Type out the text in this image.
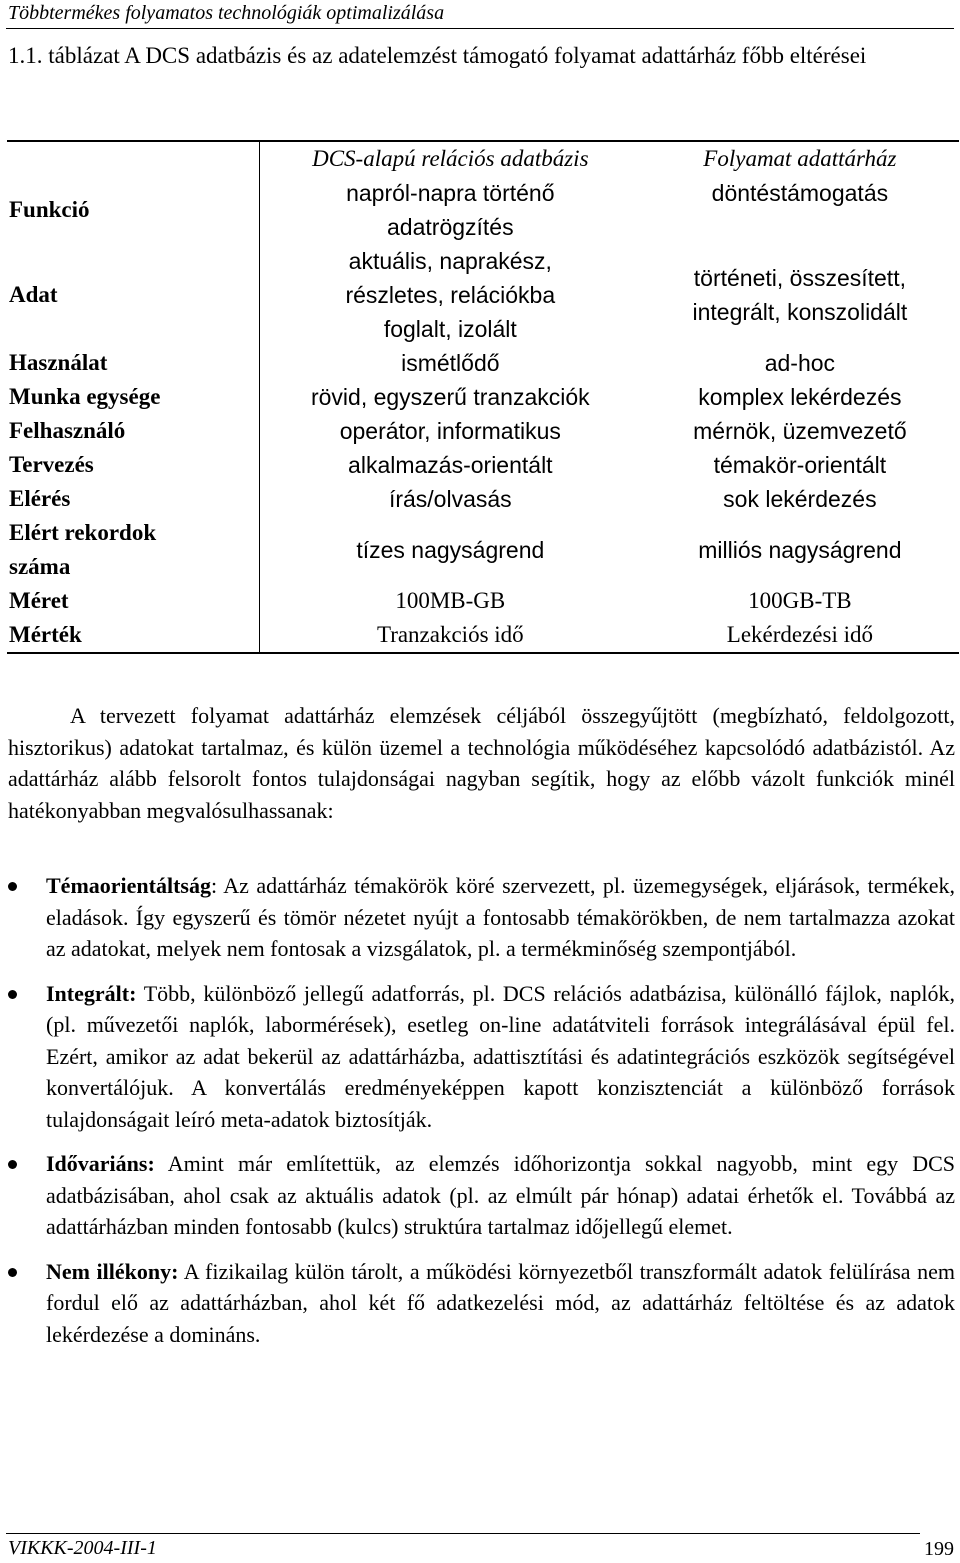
Többtermékes folyamatos technológiák optimalizálása
1.1. táblázat A DCS adatbázis és az adatelemzést támogató folyamat adattárház főbb eltérései
	DCS-alapú relációs adatbázis	Folyamat adattárház
Funkció	napról-napra történő adatrögzítés	döntéstámogatás
Adat	aktuális, naprakész, részletes, relációkba foglalt, izolált	történeti, összesített, integrált, konszolidált
Használat	ismétlődő	ad-hoc
Munka egysége	rövid, egyszerű tranzakciók	komplex lekérdezés
Felhasználó	operátor, informatikus	mérnök, üzemvezető
Tervezés	alkalmazás-orientált	témakör-orientált
Elérés	írás/olvasás	sok lekérdezés
Elért rekordok száma	tízes nagyságrend	milliós nagyságrend
Méret	100MB-GB	100GB-TB
Mérték	Tranzakciós idő	Lekérdezési idő

A tervezett folyamat adattárház elemzések céljából összegyűjtött (megbízható, feldolgozott, hisztorikus) adatokat tartalmaz, és külön üzemel a technológia működéséhez kapcsolódó adatbázistól. Az adattárház alább felsorolt fontos tulajdonságai nagyban segítik, hogy az előbb vázolt funkciók minél hatékonyabban megvalósulhassanak:

Témaorientáltság: Az adattárház témakörök köré szervezett, pl. üzemegységek, eljárások, termékek, eladások. Így egyszerű és tömör nézetet nyújt a fontosabb témakörökben, de nem tartalmazza azokat az adatokat, melyek nem fontosak a vizsgálatok, pl. a termékminőség szempontjából.
Integrált: Több, különböző jellegű adatforrás, pl. DCS relációs adatbázisa, különálló fájlok, naplók, (pl. művezetői naplók, labormérések), esetleg on-line adatátviteli források integrálásával épül fel. Ezért, amikor az adat bekerül az adattárházba, adattisztítási és adatintegrációs eszközök segítségével konvertálójuk. A konvertálás eredményeképpen kapott konzisztenciát a különböző források tulajdonságait leíró meta-adatok biztosítják.
Idővariáns: Amint már említettük, az elemzés időhorizontja sokkal nagyobb, mint egy DCS adatbázisában, ahol csak az aktuális adatok (pl. az elmúlt pár hónap) adatai érhetők el. Továbbá az adattárházban minden fontosabb (kulcs) struktúra tartalmaz időjellegű elemet.
Nem illékony: A fizikailag külön tárolt, a működési környezetből transzformált adatok felülírása nem fordul elő az adattárházban, ahol két fő adatkezelési mód, az adattárház feltöltése és az adatok lekérdezése a domináns.
VIKKK-2004-III-1	199
